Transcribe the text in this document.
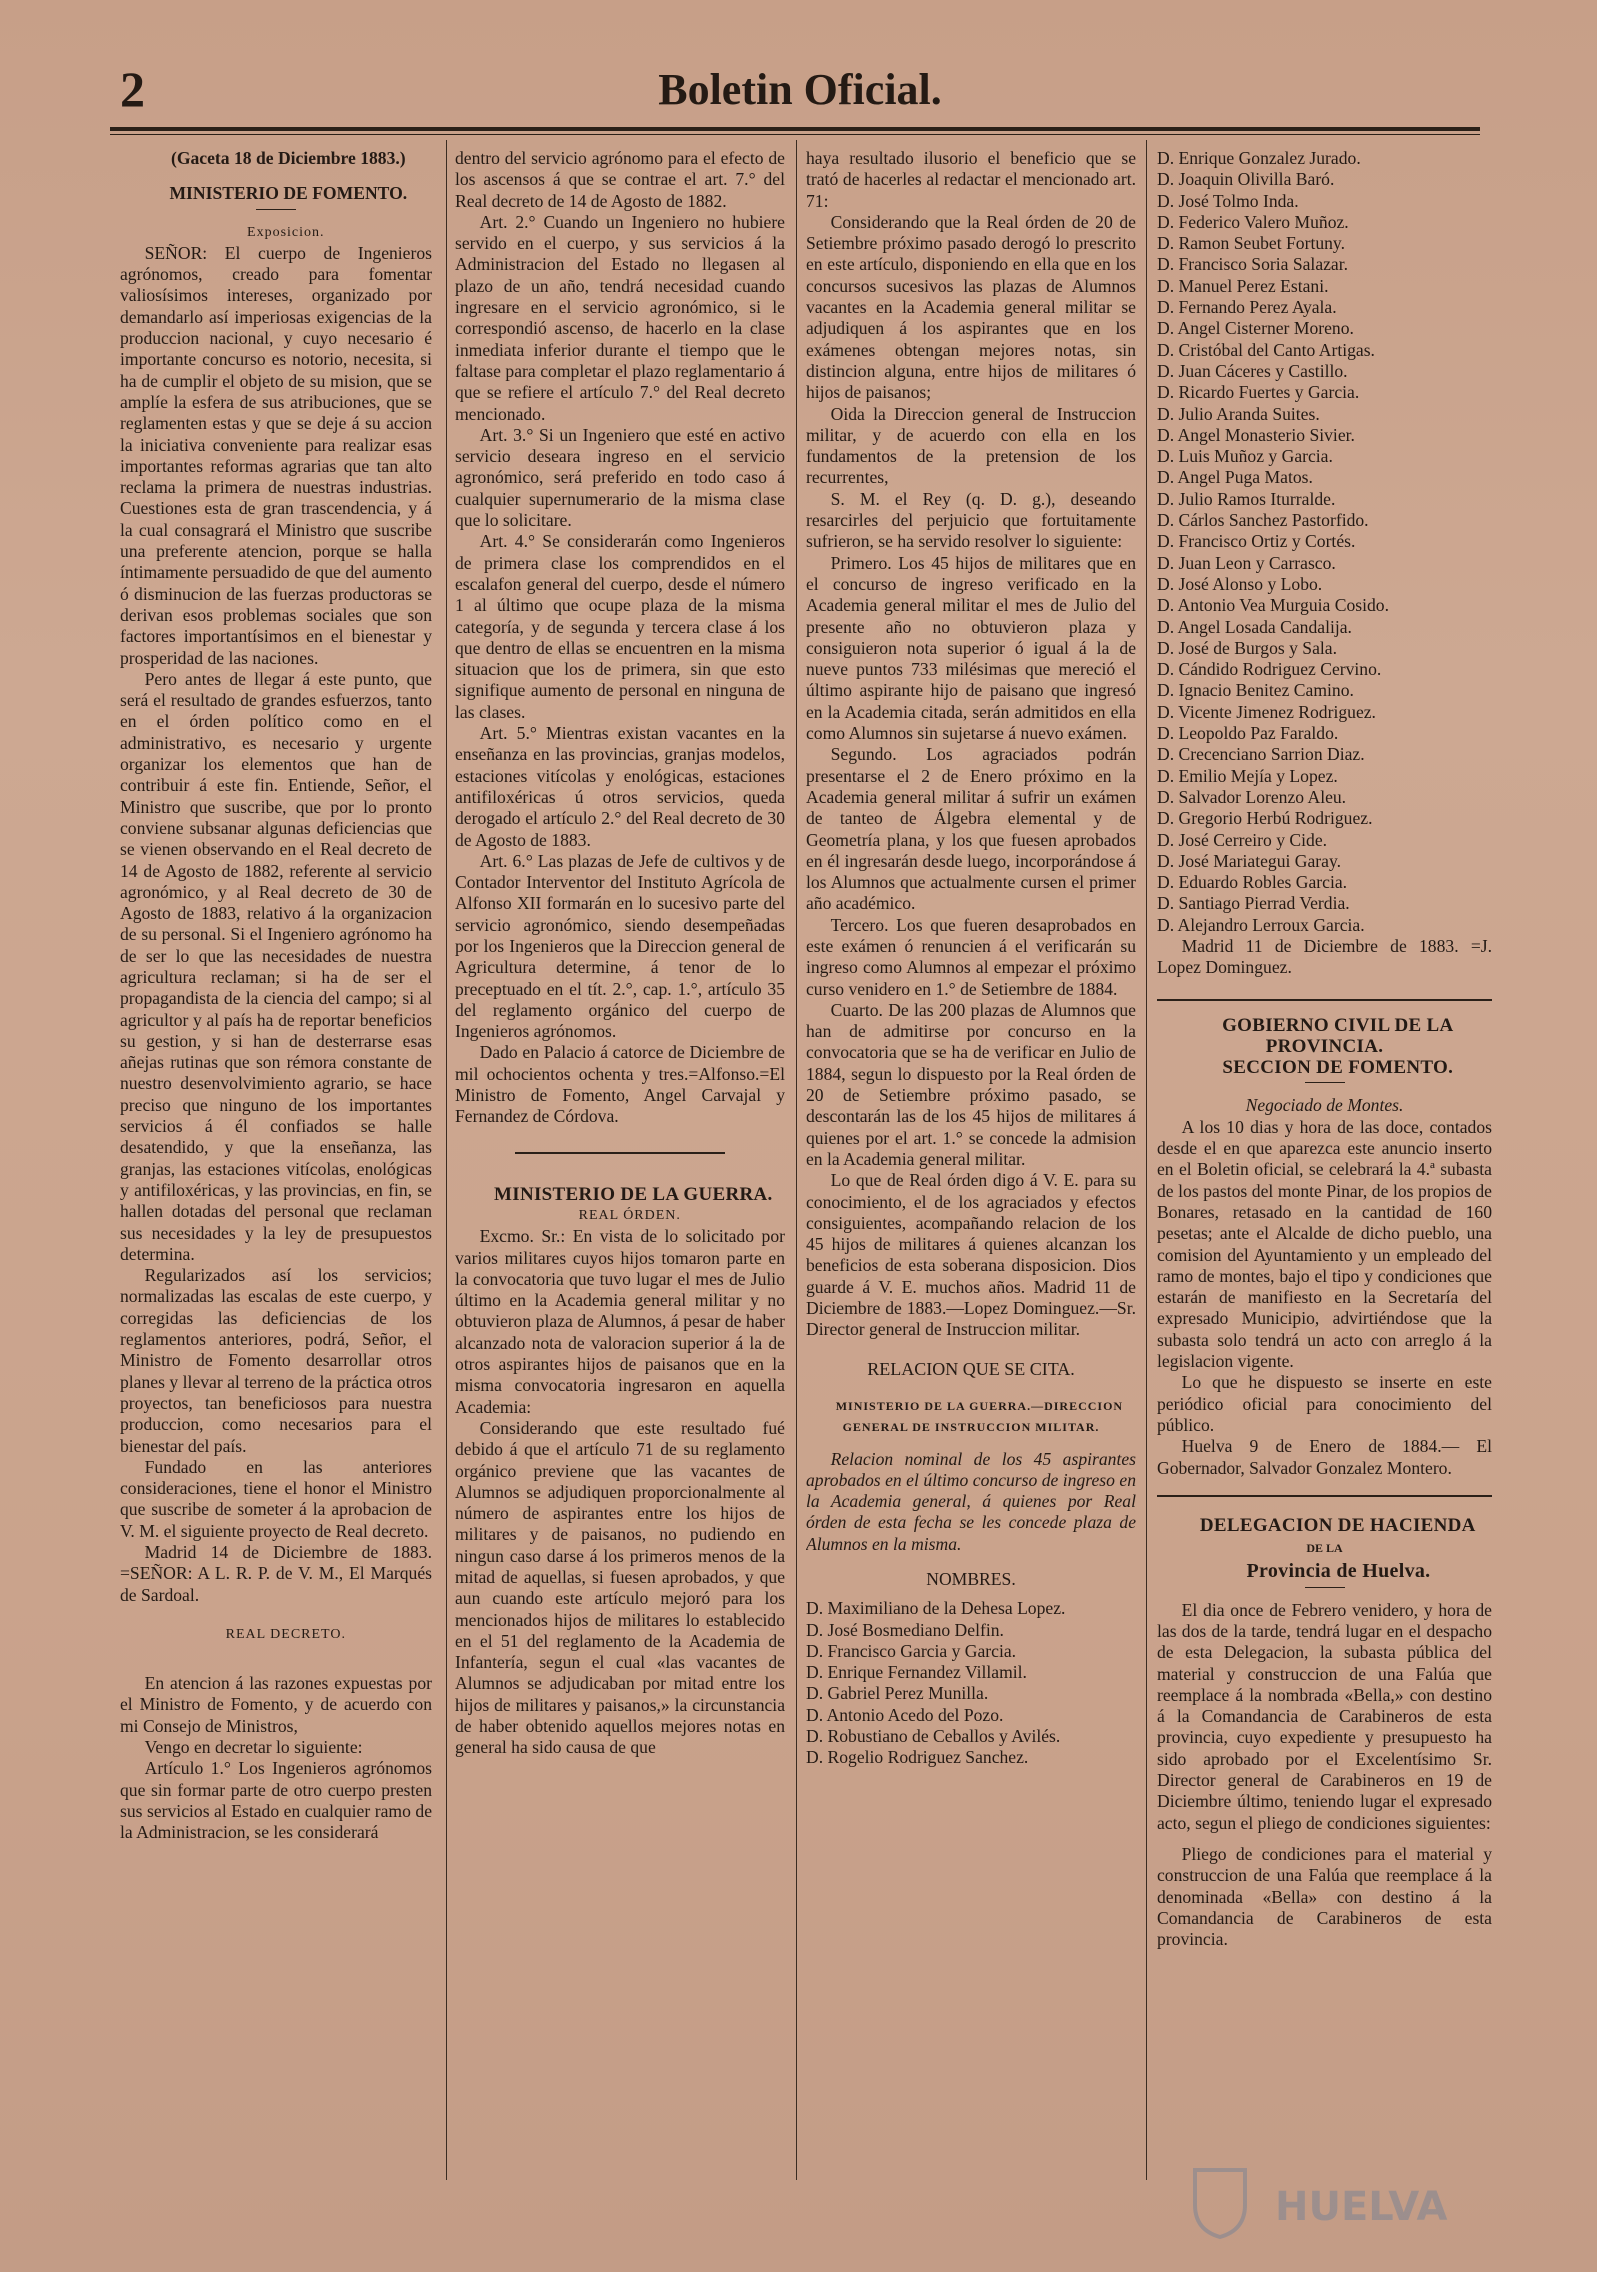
2	Boletin Oficial.

(Gaceta 18 de Diciembre 1883.)

MINISTERIO DE FOMENTO.

Exposicion.

SEÑOR: El cuerpo de Ingenieros agrónomos, creado para fomentar valiosísimos intereses, organizado por demandarlo así imperiosas exigencias de la produccion nacional, y cuyo necesario é importante concurso es notorio, necesita, si ha de cumplir el objeto de su mision, que se amplíe la esfera de sus atribuciones, que se reglamenten estas y que se deje á su accion la iniciativa conveniente para realizar esas importantes reformas agrarias que tan alto reclama la primera de nuestras industrias. Cuestiones esta de gran trascendencia, y á la cual consagrará el Ministro que suscribe una preferente atencion, porque se halla íntimamente persuadido de que del aumento ó disminucion de las fuerzas productoras se derivan esos problemas sociales que son factores importantísimos en el bienestar y prosperidad de las naciones.

Pero antes de llegar á este punto, que será el resultado de grandes esfuerzos, tanto en el órden político como en el administrativo, es necesario y urgente organizar los elementos que han de contribuir á este fin. Entiende, Señor, el Ministro que suscribe, que por lo pronto conviene subsanar algunas deficiencias que se vienen observando en el Real decreto de 14 de Agosto de 1882, referente al servicio agronómico, y al Real decreto de 30 de Agosto de 1883, relativo á la organizacion de su personal. Si el Ingeniero agrónomo ha de ser lo que las necesidades de nuestra agricultura reclaman; si ha de ser el propagandista de la ciencia del campo; si al agricultor y al país ha de reportar beneficios su gestion, y si han de desterrarse esas añejas rutinas que son rémora constante de nuestro desenvolvimiento agrario, se hace preciso que ninguno de los importantes servicios á él confiados se halle desatendido, y que la enseñanza, las granjas, las estaciones vitícolas, enológicas y antifiloxéricas, y las provincias, en fin, se hallen dotadas del personal que reclaman sus necesidades y la ley de presupuestos determina.

Regularizados así los servicios; normalizadas las escalas de este cuerpo, y corregidas las deficiencias de los reglamentos anteriores, podrá, Señor, el Ministro de Fomento desarrollar otros planes y llevar al terreno de la práctica otros proyectos, tan beneficiosos para nuestra produccion, como necesarios para el bienestar del país.

Fundado en las anteriores consideraciones, tiene el honor el Ministro que suscribe de someter á la aprobacion de V. M. el siguiente proyecto de Real decreto.

Madrid 14 de Diciembre de 1883. =SEÑOR: A L. R. P. de V. M., El Marqués de Sardoal.

REAL DECRETO.

En atencion á las razones expuestas por el Ministro de Fomento, y de acuerdo con mi Consejo de Ministros,

Vengo en decretar lo siguiente:

Artículo 1.° Los Ingenieros agrónomos que sin formar parte de otro cuerpo presten sus servicios al Estado en cualquier ramo de la Administracion, se les considerará

dentro del servicio agrónomo para el efecto de los ascensos á que se contrae el art. 7.° del Real decreto de 14 de Agosto de 1882.

Art. 2.° Cuando un Ingeniero no hubiere servido en el cuerpo, y sus servicios á la Administracion del Estado no llegasen al plazo de un año, tendrá necesidad cuando ingresare en el servicio agronómico, si le correspondió ascenso, de hacerlo en la clase inmediata inferior durante el tiempo que le faltase para completar el plazo reglamentario á que se refiere el artículo 7.° del Real decreto mencionado.

Art. 3.° Si un Ingeniero que esté en activo servicio deseara ingreso en el servicio agronómico, será preferido en todo caso á cualquier supernumerario de la misma clase que lo solicitare.

Art. 4.° Se considerarán como Ingenieros de primera clase los comprendidos en el escalafon general del cuerpo, desde el número 1 al último que ocupe plaza de la misma categoría, y de segunda y tercera clase á los que dentro de ellas se encuentren en la misma situacion que los de primera, sin que esto signifique aumento de personal en ninguna de las clases.

Art. 5.° Mientras existan vacantes en la enseñanza en las provincias, granjas modelos, estaciones vitícolas y enológicas, estaciones antifiloxéricas ú otros servicios, queda derogado el artículo 2.° del Real decreto de 30 de Agosto de 1883.

Art. 6.° Las plazas de Jefe de cultivos y de Contador Interventor del Instituto Agrícola de Alfonso XII formarán en lo sucesivo parte del servicio agronómico, siendo desempeñadas por los Ingenieros que la Direccion general de Agricultura determine, á tenor de lo preceptuado en el tít. 2.°, cap. 1.°, artículo 35 del reglamento orgánico del cuerpo de Ingenieros agrónomos.

Dado en Palacio á catorce de Diciembre de mil ochocientos ochenta y tres.=Alfonso.=El Ministro de Fomento, Angel Carvajal y Fernandez de Córdova.

MINISTERIO DE LA GUERRA.

REAL ÓRDEN.

Excmo. Sr.: En vista de lo solicitado por varios militares cuyos hijos tomaron parte en la convocatoria que tuvo lugar el mes de Julio último en la Academia general militar y no obtuvieron plaza de Alumnos, á pesar de haber alcanzado nota de valoracion superior á la de otros aspirantes hijos de paisanos que en la misma convocatoria ingresaron en aquella Academia:

Considerando que este resultado fué debido á que el artículo 71 de su reglamento orgánico previene que las vacantes de Alumnos se adjudiquen proporcionalmente al número de aspirantes entre los hijos de militares y de paisanos, no pudiendo en ningun caso darse á los primeros menos de la mitad de aquellas, si fuesen aprobados, y que aun cuando este artículo mejoró para los mencionados hijos de militares lo establecido en el 51 del reglamento de la Academia de Infantería, segun el cual «las vacantes de Alumnos se adjudicaban por mitad entre los hijos de militares y paisanos,» la circunstancia de haber obtenido aquellos mejores notas en general ha sido causa de que

haya resultado ilusorio el beneficio que se trató de hacerles al redactar el mencionado art. 71:

Considerando que la Real órden de 20 de Setiembre próximo pasado derogó lo prescrito en este artículo, disponiendo en ella que en los concursos sucesivos las plazas de Alumnos vacantes en la Academia general militar se adjudiquen á los aspirantes que en los exámenes obtengan mejores notas, sin distincion alguna, entre hijos de militares ó hijos de paisanos;

Oida la Direccion general de Instruccion militar, y de acuerdo con ella en los fundamentos de la pretension de los recurrentes,

S. M. el Rey (q. D. g.), deseando resarcirles del perjuicio que fortuitamente sufrieron, se ha servido resolver lo siguiente:

Primero. Los 45 hijos de militares que en el concurso de ingreso verificado en la Academia general militar el mes de Julio del presente año no obtuvieron plaza y consiguieron nota superior ó igual á la de nueve puntos 733 milésimas que mereció el último aspirante hijo de paisano que ingresó en la Academia citada, serán admitidos en ella como Alumnos sin sujetarse á nuevo exámen.

Segundo. Los agraciados podrán presentarse el 2 de Enero próximo en la Academia general militar á sufrir un exámen de tanteo de Álgebra elemental y de Geometría plana, y los que fuesen aprobados en él ingresarán desde luego, incorporándose á los Alumnos que actualmente cursen el primer año académico.

Tercero. Los que fueren desaprobados en este exámen ó renuncien á el verificarán su ingreso como Alumnos al empezar el próximo curso venidero en 1.° de Setiembre de 1884.

Cuarto. De las 200 plazas de Alumnos que han de admitirse por concurso en la convocatoria que se ha de verificar en Julio de 1884, segun lo dispuesto por la Real órden de 20 de Setiembre próximo pasado, se descontarán las de los 45 hijos de militares á quienes por el art. 1.° se concede la admision en la Academia general militar.

Lo que de Real órden digo á V. E. para su conocimiento, el de los agraciados y efectos consiguientes, acompañando relacion de los 45 hijos de militares á quienes alcanzan los beneficios de esta soberana disposicion. Dios guarde á V. E. muchos años. Madrid 11 de Diciembre de 1883.—Lopez Dominguez.—Sr. Director general de Instruccion militar.

RELACION QUE SE CITA.

MINISTERIO DE LA GUERRA.—DIRECCION GENERAL DE INSTRUCCION MILITAR.

Relacion nominal de los 45 aspirantes aprobados en el último concurso de ingreso en la Academia general, á quienes por Real órden de esta fecha se les concede plaza de Alumnos en la misma.

NOMBRES.

D. Maximiliano de la Dehesa Lopez.
D. José Bosmediano Delfin.
D. Francisco Garcia y Garcia.
D. Enrique Fernandez Villamil.
D. Gabriel Perez Munilla.
D. Antonio Acedo del Pozo.
D. Robustiano de Ceballos y Avilés.
D. Rogelio Rodriguez Sanchez.
D. Enrique Gonzalez Jurado.
D. Joaquin Olivilla Baró.
D. José Tolmo Inda.
D. Federico Valero Muñoz.
D. Ramon Seubet Fortuny.
D. Francisco Soria Salazar.
D. Manuel Perez Estani.
D. Fernando Perez Ayala.
D. Angel Cisterner Moreno.
D. Cristóbal del Canto Artigas.
D. Juan Cáceres y Castillo.
D. Ricardo Fuertes y Garcia.
D. Julio Aranda Suites.
D. Angel Monasterio Sivier.
D. Luis Muñoz y Garcia.
D. Angel Puga Matos.
D. Julio Ramos Iturralde.
D. Cárlos Sanchez Pastorfido.
D. Francisco Ortiz y Cortés.
D. Juan Leon y Carrasco.
D. José Alonso y Lobo.
D. Antonio Vea Murguia Cosido.
D. Angel Losada Candalija.
D. José de Burgos y Sala.
D. Cándido Rodriguez Cervino.
D. Ignacio Benitez Camino.
D. Vicente Jimenez Rodriguez.
D. Leopoldo Paz Faraldo.
D. Crecenciano Sarrion Diaz.
D. Emilio Mejía y Lopez.
D. Salvador Lorenzo Aleu.
D. Gregorio Herbú Rodriguez.
D. José Cerreiro y Cide.
D. José Mariategui Garay.
D. Eduardo Robles Garcia.
D. Santiago Pierrad Verdia.
D. Alejandro Lerroux Garcia.

Madrid 11 de Diciembre de 1883. =J. Lopez Dominguez.

GOBIERNO CIVIL DE LA PROVINCIA.

SECCION DE FOMENTO.

Negociado de Montes.

A los 10 dias y hora de las doce, contados desde el en que aparezca este anuncio inserto en el Boletin oficial, se celebrará la 4.ª subasta de los pastos del monte Pinar, de los propios de Bonares, retasado en la cantidad de 160 pesetas; ante el Alcalde de dicho pueblo, una comision del Ayuntamiento y un empleado del ramo de montes, bajo el tipo y condiciones que estarán de manifiesto en la Secretaría del expresado Municipio, advirtiéndose que la subasta solo tendrá un acto con arreglo á la legislacion vigente.

Lo que he dispuesto se inserte en este periódico oficial para conocimiento del público.

Huelva 9 de Enero de 1884.— El Gobernador, Salvador Gonzalez Montero.

DELEGACION DE HACIENDA

DE LA

Provincia de Huelva.

El dia once de Febrero venidero, y hora de las dos de la tarde, tendrá lugar en el despacho de esta Delegacion, la subasta pública del material y construccion de una Falúa que reemplace á la nombrada «Bella,» con destino á la Comandancia de Carabineros de esta provincia, cuyo expediente y presupuesto ha sido aprobado por el Excelentísimo Sr. Director general de Carabineros en 19 de Diciembre último, teniendo lugar el expresado acto, segun el pliego de condiciones siguientes:

Pliego de condiciones para el material y construccion de una Falúa que reemplace á la denominada «Bella» con destino á la Comandancia de Carabineros de esta provincia.

HUELVA
